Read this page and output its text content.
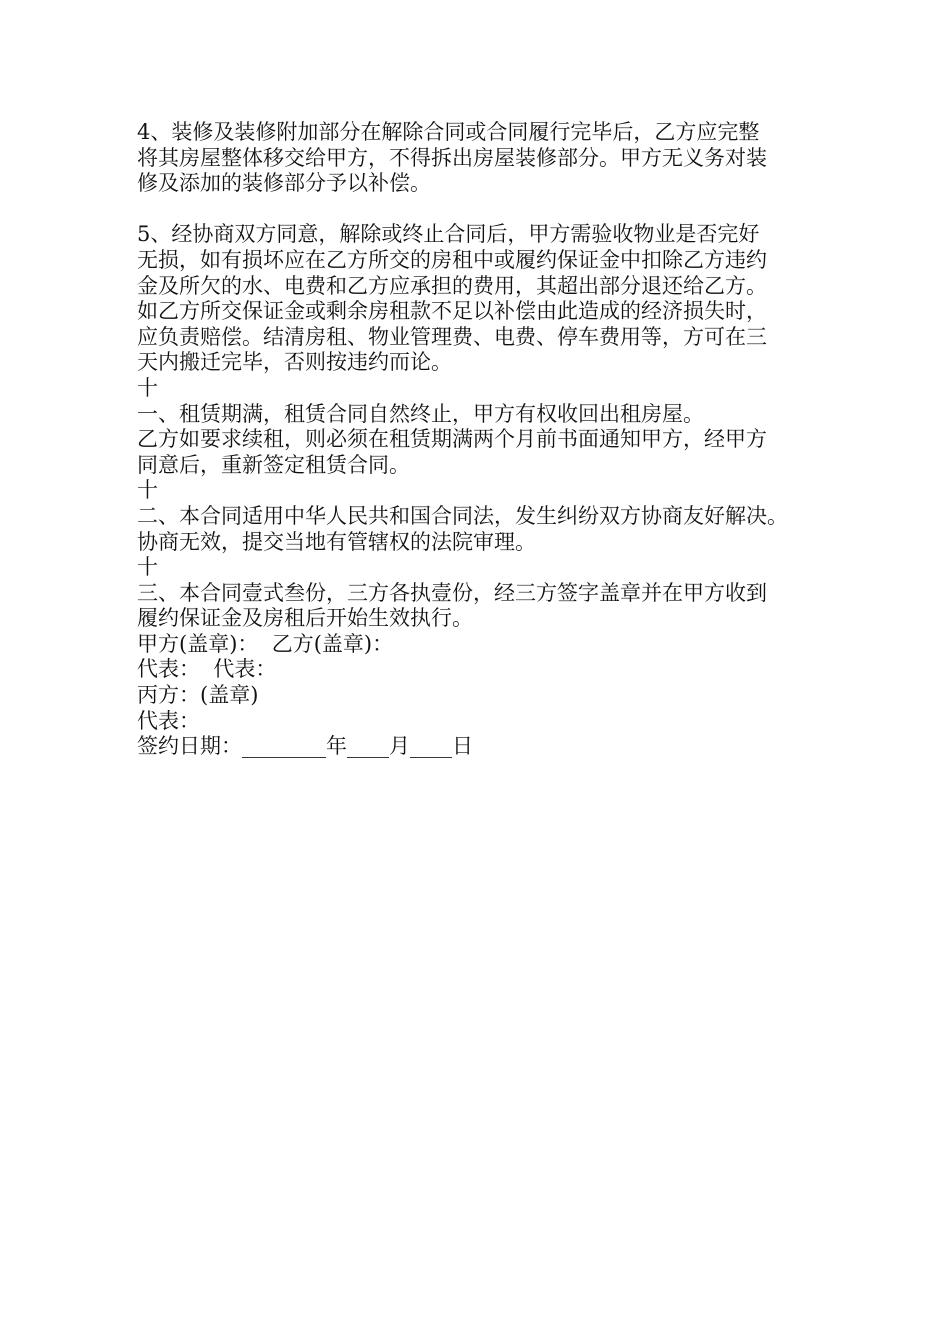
4、装修及装修附加部分在解除合同或合同履行完毕后，乙方应完整
将其房屋整体移交给甲方，不得拆出房屋装修部分。甲方无义务对装
修及添加的装修部分予以补偿。
5、经协商双方同意，解除或终止合同后，甲方需验收物业是否完好
无损，如有损坏应在乙方所交的房租中或履约保证金中扣除乙方违约
金及所欠的水、电费和乙方应承担的费用，其超出部分退还给乙方。
如乙方所交保证金或剩余房租款不足以补偿由此造成的经济损失时，
应负责赔偿。结清房租、物业管理费、电费、停车费用等，方可在三
天内搬迁完毕，否则按违约而论。
十
一、租赁期满，租赁合同自然终止，甲方有权收回出租房屋。
乙方如要求续租，则必须在租赁期满两个月前书面通知甲方，经甲方
同意后，重新签定租赁合同。
十
二、本合同适用中华人民共和国合同法，发生纠纷双方协商友好解决。
协商无效，提交当地有管辖权的法院审理。
十
三、本合同壹式叁份，三方各执壹份，经三方签字盖章并在甲方收到
履约保证金及房租后开始生效执行。
甲方(盖章)：  乙方(盖章)：
代表：  代表：
丙方：(盖章)
代表：
签约日期：________年____月____日
